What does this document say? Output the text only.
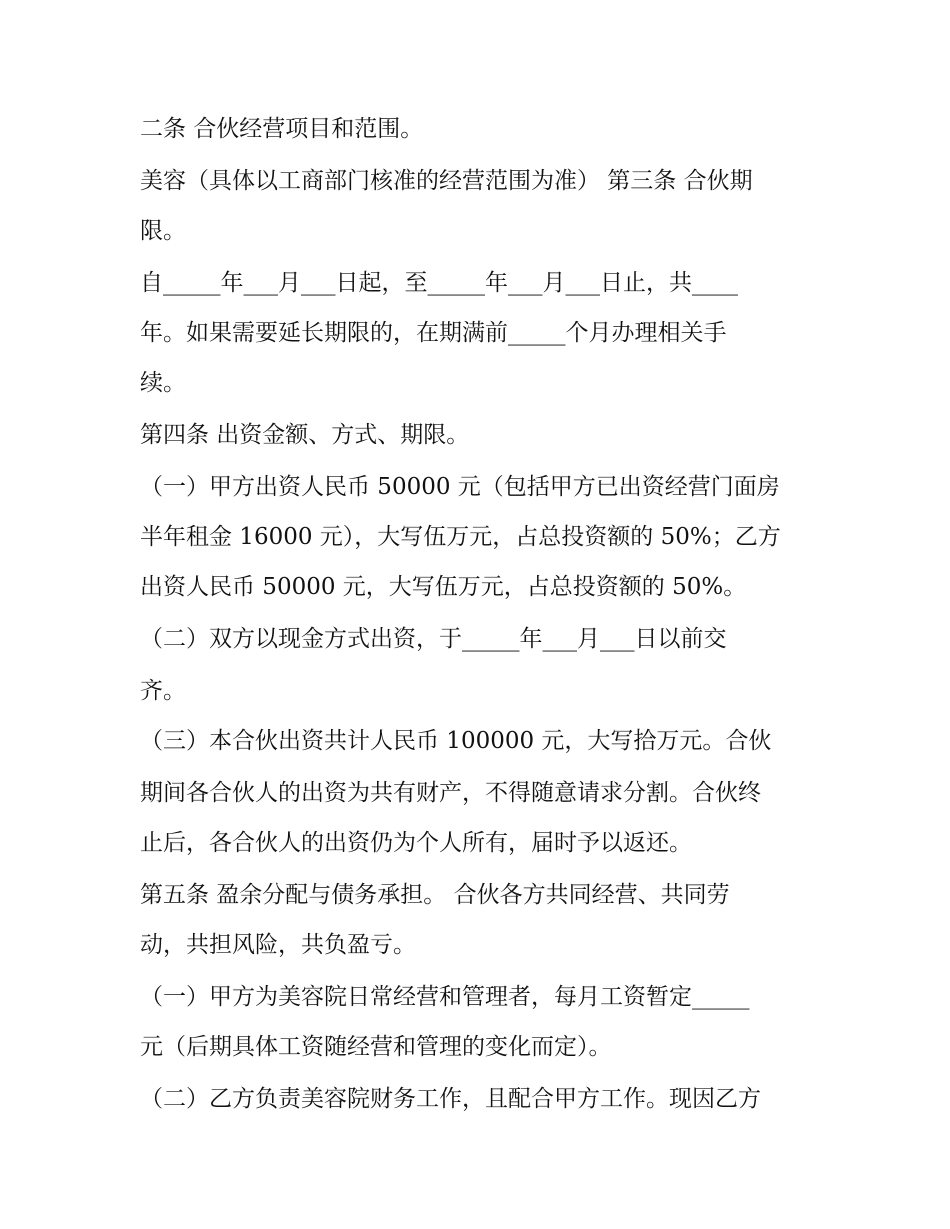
二条 合伙经营项目和范围。
美容（具体以工商部门核准的经营范围为准） 第三条 合伙期
限。
自_____年___月___日起，至_____年___月___日止，共____
年。如果需要延长期限的，在期满前_____个月办理相关手
续。
第四条 出资金额、方式、期限。
（一）甲方出资人民币 50000 元（包括甲方已出资经营门面房
半年租金 16000 元），大写伍万元，占总投资额的 50%；乙方
出资人民币 50000 元，大写伍万元，占总投资额的 50%。
（二）双方以现金方式出资，于_____年___月___日以前交
齐。
（三）本合伙出资共计人民币 100000 元，大写拾万元。合伙
期间各合伙人的出资为共有财产，不得随意请求分割。合伙终
止后，各合伙人的出资仍为个人所有，届时予以返还。
第五条 盈余分配与债务承担。 合伙各方共同经营、共同劳
动，共担风险，共负盈亏。
（一）甲方为美容院日常经营和管理者，每月工资暂定_____
元（后期具体工资随经营和管理的变化而定）。
（二）乙方负责美容院财务工作，且配合甲方工作。现因乙方
